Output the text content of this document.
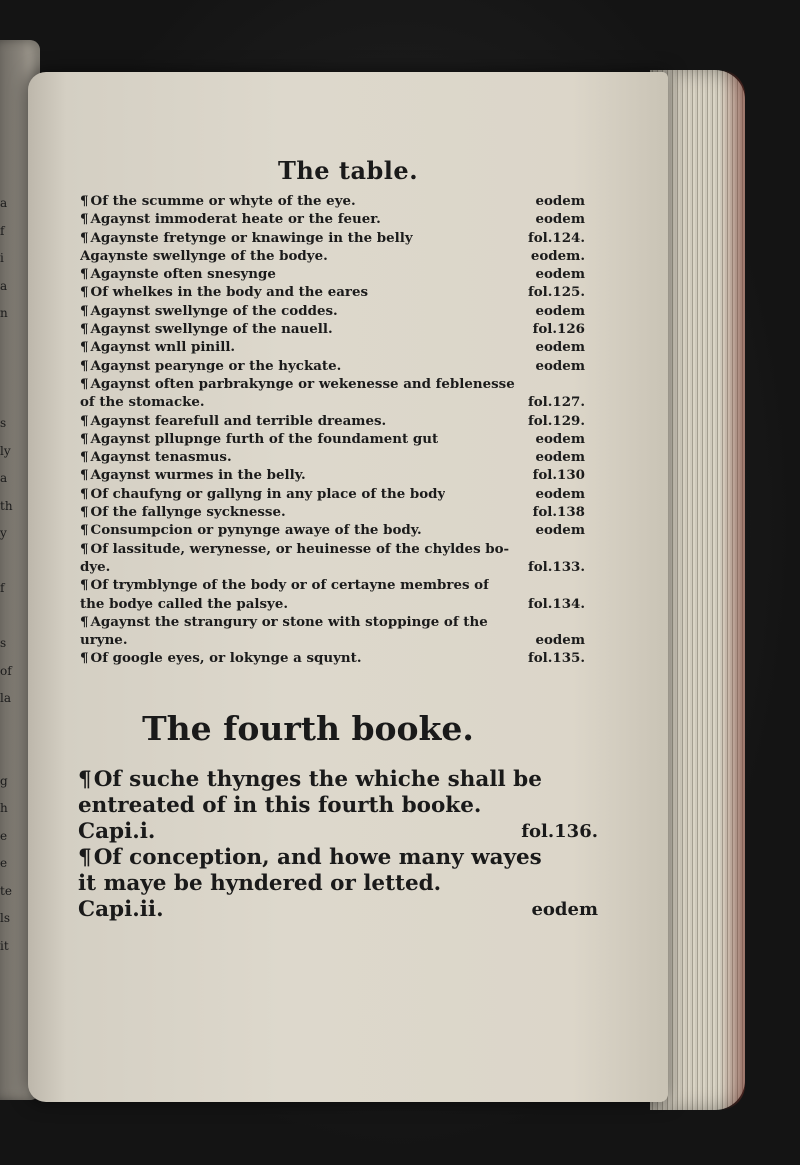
a
f
i
a
n
s
ly
a
th
y
f
s
of
la
g
h
e
e
te
ls
it
The table.
¶ Of the scumme or whyte of the eye.	eodem
¶ Agaynst immoderat heate or the feuer.	eodem
¶ Agaynste fretynge or knawinge in the belly	fol.124.
Agaynste swellynge of the bodye.	eodem.
¶ Agaynste often snesynge	eodem
¶ Of whelkes in the body and the eares	fol.125.
¶ Agaynst swellynge of the coddes.	eodem
¶ Agaynst swellynge of the nauell.	fol.126
¶ Agaynst wnll pinill.	eodem
¶ Agaynst pearynge or the hyckate.	eodem
¶ Agaynst often parbrakynge or wekenesse and feblenesse
of the stomacke.	fol.127.
¶ Agaynst fearefull and terrible dreames.	fol.129.
¶ Agaynst pllupnge furth of the foundament gut	eodem
¶ Agaynst tenasmus.	eodem
¶ Agaynst wurmes in the belly.	fol.130
¶ Of chaufyng or gallyng in any place of the body	eodem
¶ Of the fallynge sycknesse.	fol.138
¶ Consumpcion or pynynge awaye of the body.	eodem
¶ Of lassitude, werynesse, or heuinesse of the chyldes bo-
dye.	fol.133.
¶ Of trymblynge of the body or of certayne membres of
the bodye called the palsye.	fol.134.
¶ Agaynst the strangury or stone with stoppinge of the
uryne.	eodem
¶ Of google eyes, or lokynge a squynt.	fol.135.
The fourth booke.
¶Of suche thynges the whiche shall be
entreated of in this fourth booke.
Capi.i.	fol.136.
¶Of conception, and howe many wayes
it maye be hyndered or letted.
Capi.ii.	eodem
